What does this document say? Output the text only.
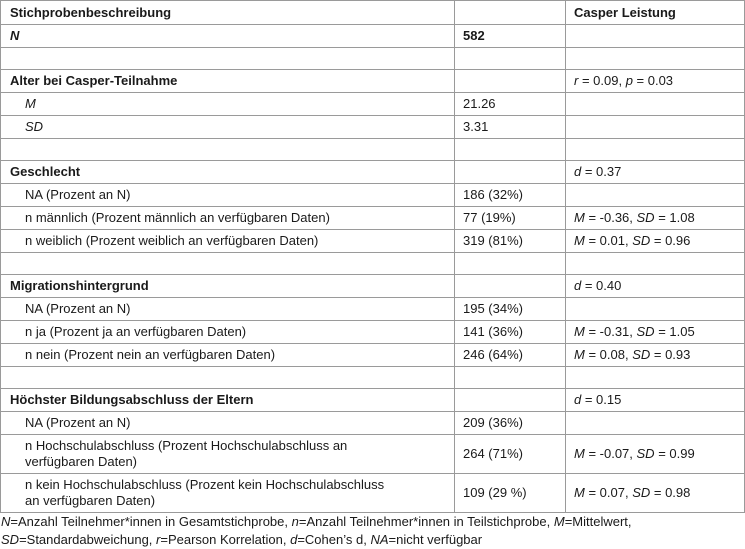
Stichprobenbeschreibung		Casper Leistung
N	582	

Alter bei Casper-Teilnahme		r = 0.09, p = 0.03
M	21.26	
SD	3.31	

Geschlecht		d = 0.37
NA (Prozent an N)	186 (32%)	
n männlich (Prozent männlich an verfügbaren Daten)	77 (19%)	M = -0.36, SD = 1.08
n weiblich (Prozent weiblich an verfügbaren Daten)	319 (81%)	M = 0.01, SD = 0.96

Migrationshintergrund		d = 0.40
NA (Prozent an N)	195 (34%)	
n ja (Prozent ja an verfügbaren Daten)	141 (36%)	M = -0.31, SD = 1.05
n nein (Prozent nein an verfügbaren Daten)	246 (64%)	M = 0.08, SD = 0.93

Höchster Bildungsabschluss der Eltern		d = 0.15
NA (Prozent an N)	209 (36%)	
n Hochschulabschluss (Prozent Hochschulabschluss an
verfügbaren Daten)	264 (71%)	M = -0.07, SD = 0.99
n kein Hochschulabschluss (Prozent kein Hochschulabschluss
an verfügbaren Daten)	109 (29 %)	M = 0.07, SD = 0.98
N=Anzahl Teilnehmer*innen in Gesamtstichprobe, n=Anzahl Teilnehmer*innen in Teilstichprobe, M=Mittelwert,
SD=Standardabweichung, r=Pearson Korrelation, d=Cohen’s d, NA=nicht verfügbar
